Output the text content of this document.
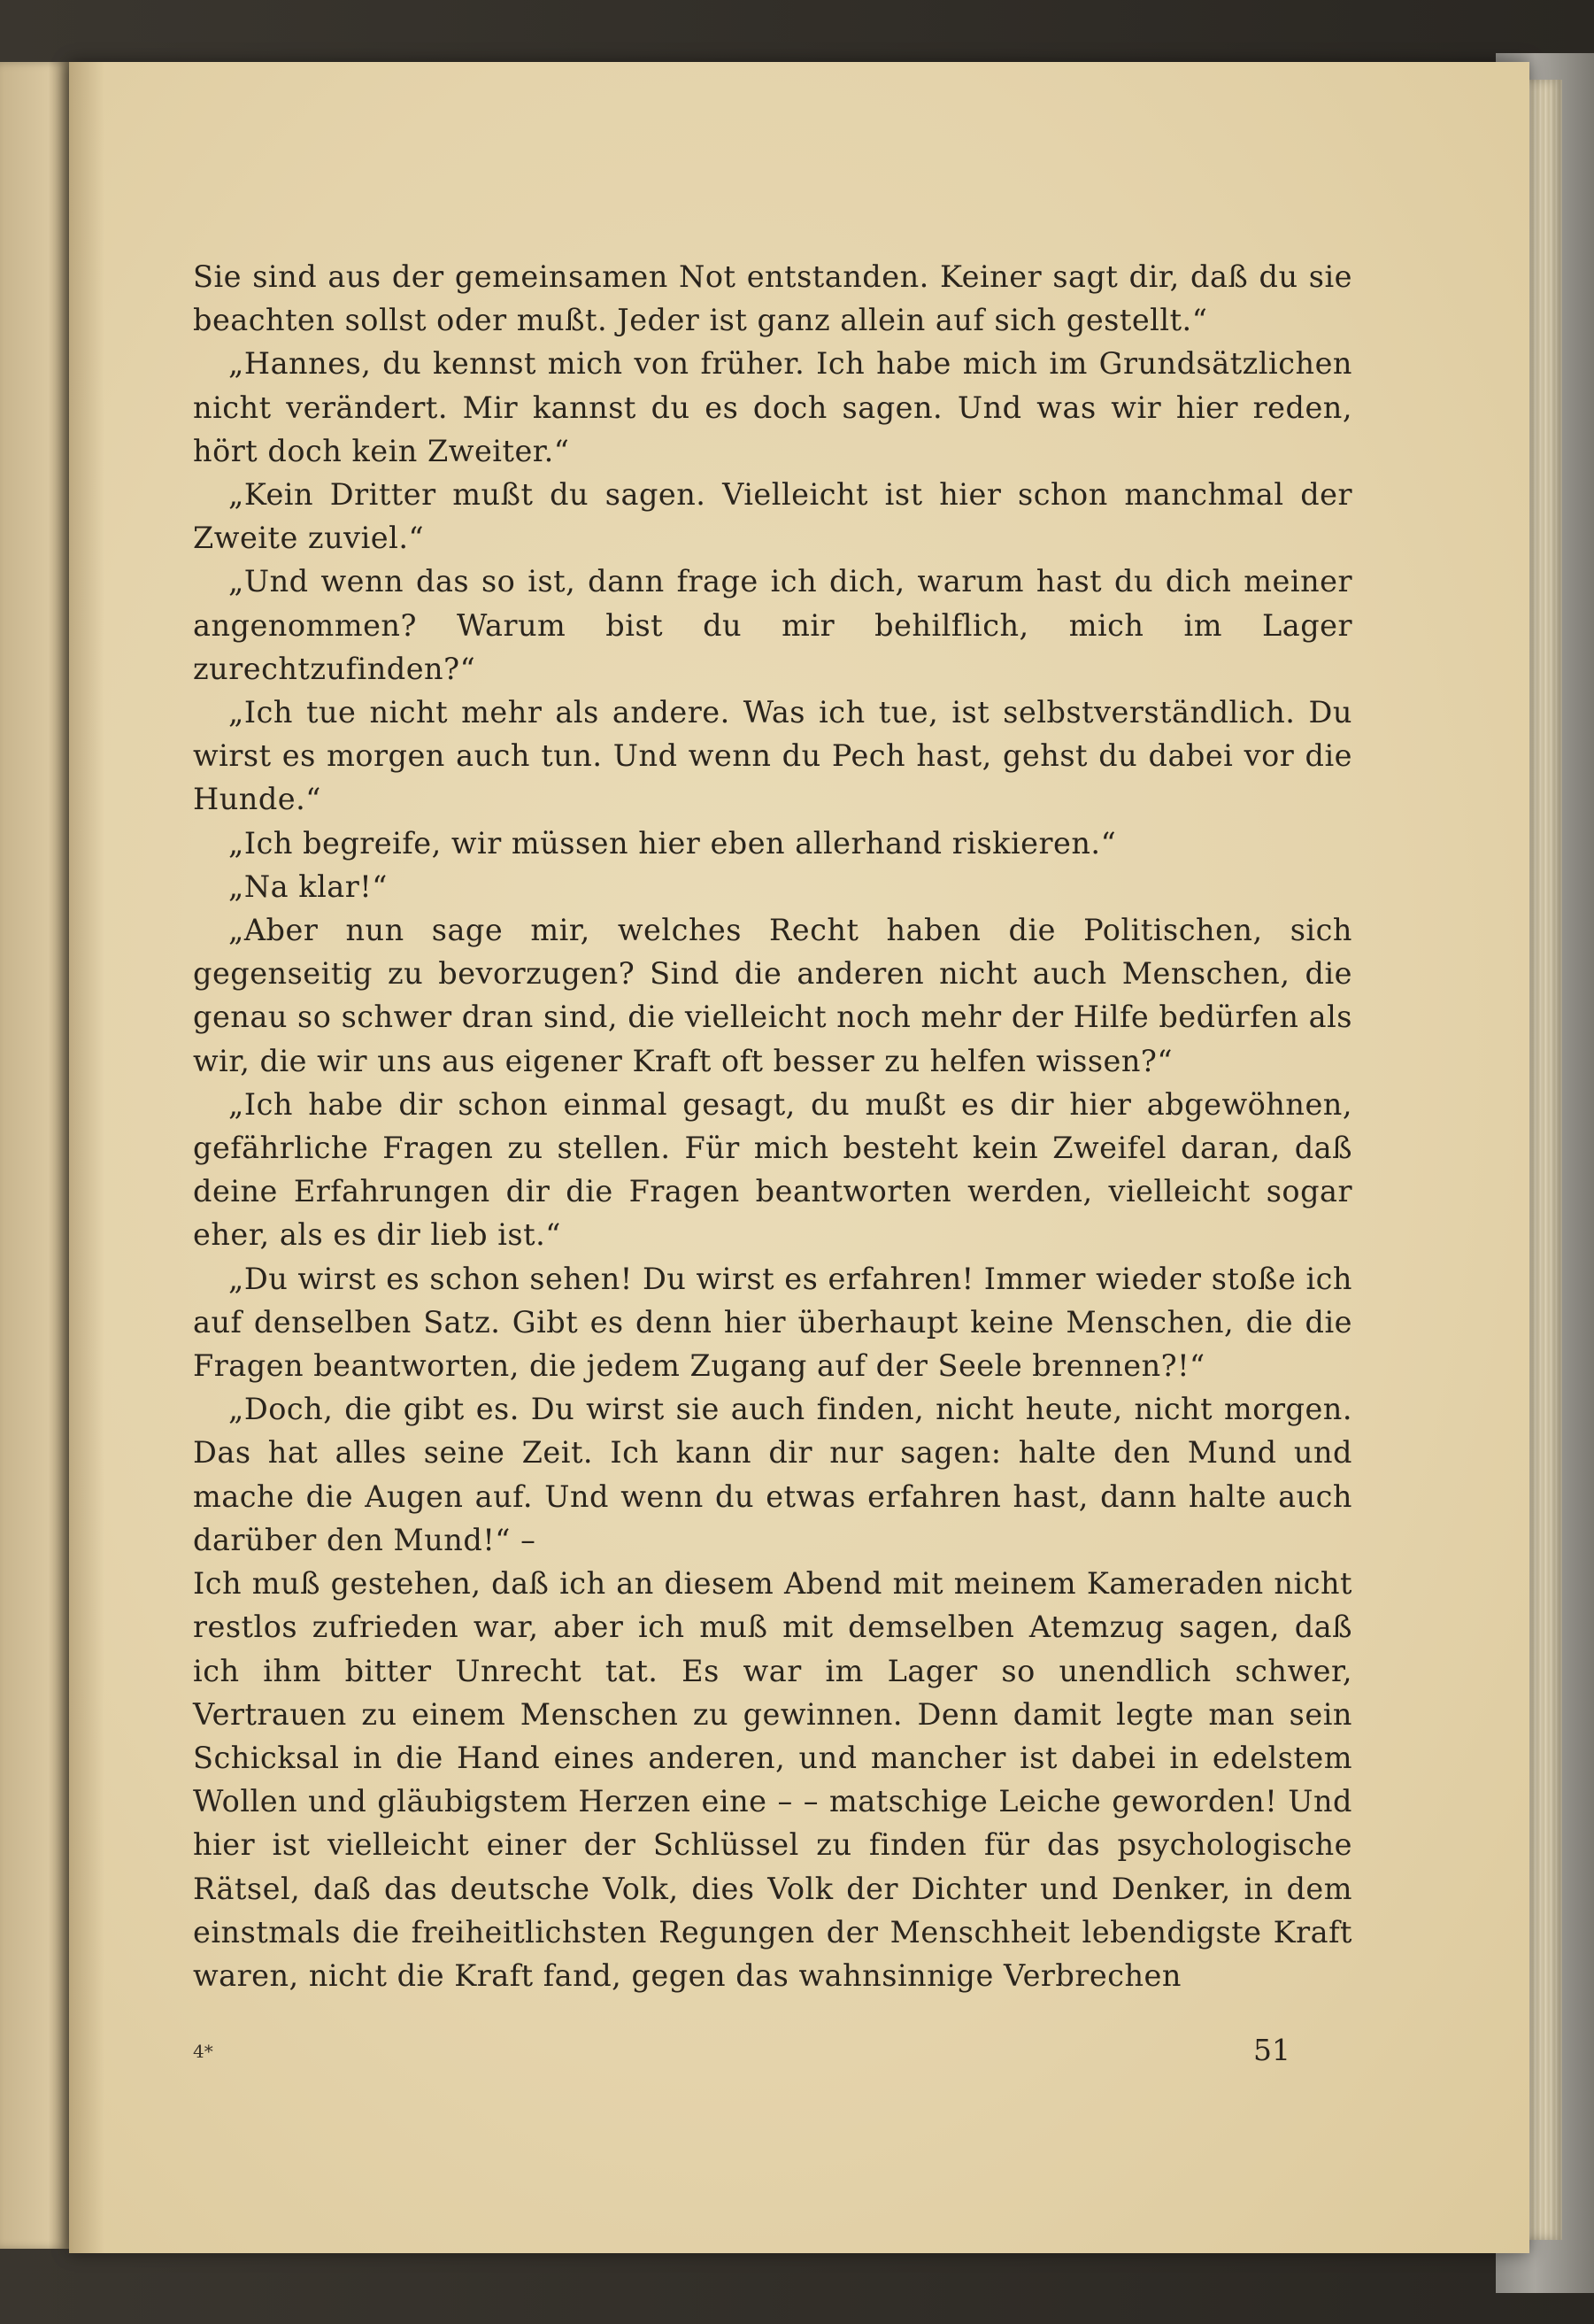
Sie sind aus der gemeinsamen Not entstanden. Keiner sagt dir, daß du sie beachten sollst oder mußt. Jeder ist ganz allein auf sich gestellt.“

„Hannes, du kennst mich von früher. Ich habe mich im Grundsätzlichen nicht verändert. Mir kannst du es doch sagen. Und was wir hier reden, hört doch kein Zweiter.“

„Kein Dritter mußt du sagen. Vielleicht ist hier schon manchmal der Zweite zuviel.“

„Und wenn das so ist, dann frage ich dich, warum hast du dich meiner angenommen? Warum bist du mir behilflich, mich im Lager zurechtzufinden?“

„Ich tue nicht mehr als andere. Was ich tue, ist selbstverständlich. Du wirst es morgen auch tun. Und wenn du Pech hast, gehst du dabei vor die Hunde.“

„Ich begreife, wir müssen hier eben allerhand riskieren.“

„Na klar!“

„Aber nun sage mir, welches Recht haben die Politischen, sich gegenseitig zu bevorzugen? Sind die anderen nicht auch Menschen, die genau so schwer dran sind, die vielleicht noch mehr der Hilfe bedürfen als wir, die wir uns aus eigener Kraft oft besser zu helfen wissen?“

„Ich habe dir schon einmal gesagt, du mußt es dir hier abgewöhnen, gefährliche Fragen zu stellen. Für mich besteht kein Zweifel daran, daß deine Erfahrungen dir die Fragen beantworten werden, vielleicht sogar eher, als es dir lieb ist.“

„Du wirst es schon sehen! Du wirst es erfahren! Immer wieder stoße ich auf denselben Satz. Gibt es denn hier überhaupt keine Menschen, die die Fragen beantworten, die jedem Zugang auf der Seele brennen?!“

„Doch, die gibt es. Du wirst sie auch finden, nicht heute, nicht morgen. Das hat alles seine Zeit. Ich kann dir nur sagen: halte den Mund und mache die Augen auf. Und wenn du etwas erfahren hast, dann halte auch darüber den Mund!“ –

Ich muß gestehen, daß ich an diesem Abend mit meinem Kameraden nicht restlos zufrieden war, aber ich muß mit demselben Atemzug sagen, daß ich ihm bitter Unrecht tat. Es war im Lager so unendlich schwer, Vertrauen zu einem Menschen zu gewinnen. Denn damit legte man sein Schicksal in die Hand eines anderen, und mancher ist dabei in edelstem Wollen und gläubigstem Herzen eine – – matschige Leiche geworden! Und hier ist vielleicht einer der Schlüssel zu finden für das psychologische Rätsel, daß das deutsche Volk, dies Volk der Dichter und Denker, in dem einstmals die freiheitlichsten Regungen der Menschheit lebendigste Kraft waren, nicht die Kraft fand, gegen das wahnsinnige Verbrechen

4*	51
